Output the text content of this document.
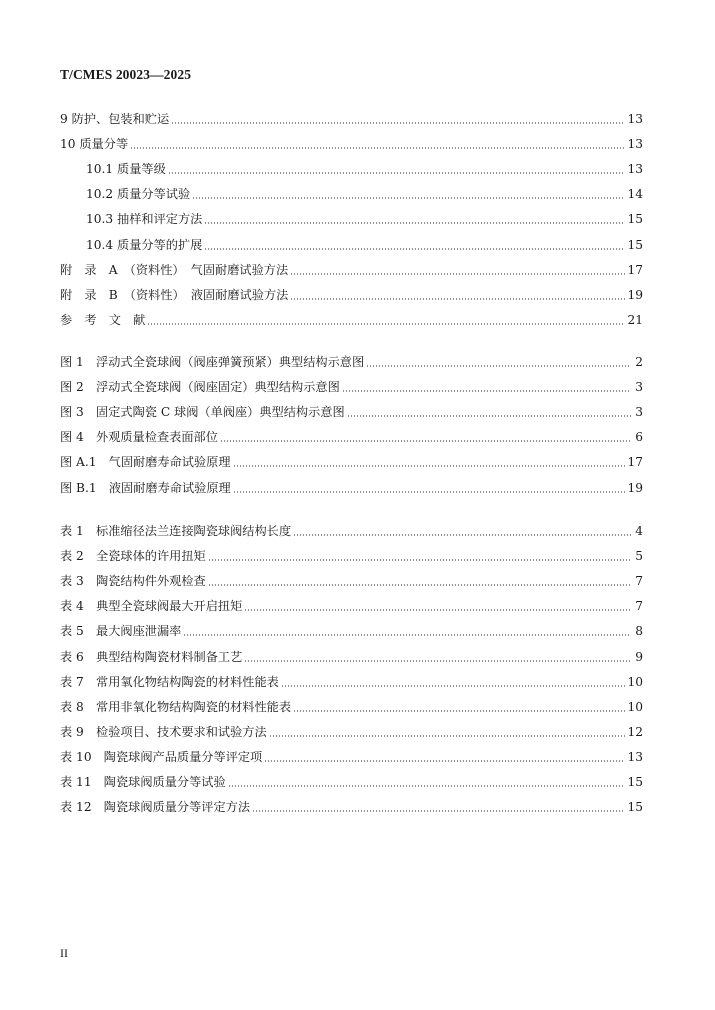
T/CMES 20023—2025
9 防护、包装和贮运	13
10 质量分等	13
10.1 质量等级	13
10.2 质量分等试验	14
10.3 抽样和评定方法	15
10.4 质量分等的扩展	15
附　录　A　（资料性）　气固耐磨试验方法	17
附　录　B　（资料性）　液固耐磨试验方法	19
参　考　文　献	21
图 1　浮动式全瓷球阀（阀座弹簧预紧）典型结构示意图	2
图 2　浮动式全瓷球阀（阀座固定）典型结构示意图	3
图 3　固定式陶瓷 C 球阀（单阀座）典型结构示意图	3
图 4　外观质量检查表面部位	6
图 A.1　气固耐磨寿命试验原理	17
图 B.1　液固耐磨寿命试验原理	19
表 1　标准缩径法兰连接陶瓷球阀结构长度	4
表 2　全瓷球体的许用扭矩	5
表 3　陶瓷结构件外观检查	7
表 4　典型全瓷球阀最大开启扭矩	7
表 5　最大阀座泄漏率	8
表 6　典型结构陶瓷材料制备工艺	9
表 7　常用氧化物结构陶瓷的材料性能表	10
表 8　常用非氧化物结构陶瓷的材料性能表	10
表 9　检验项目、技术要求和试验方法	12
表 10　陶瓷球阀产品质量分等评定项	13
表 11　陶瓷球阀质量分等试验	15
表 12　陶瓷球阀质量分等评定方法	15
II
